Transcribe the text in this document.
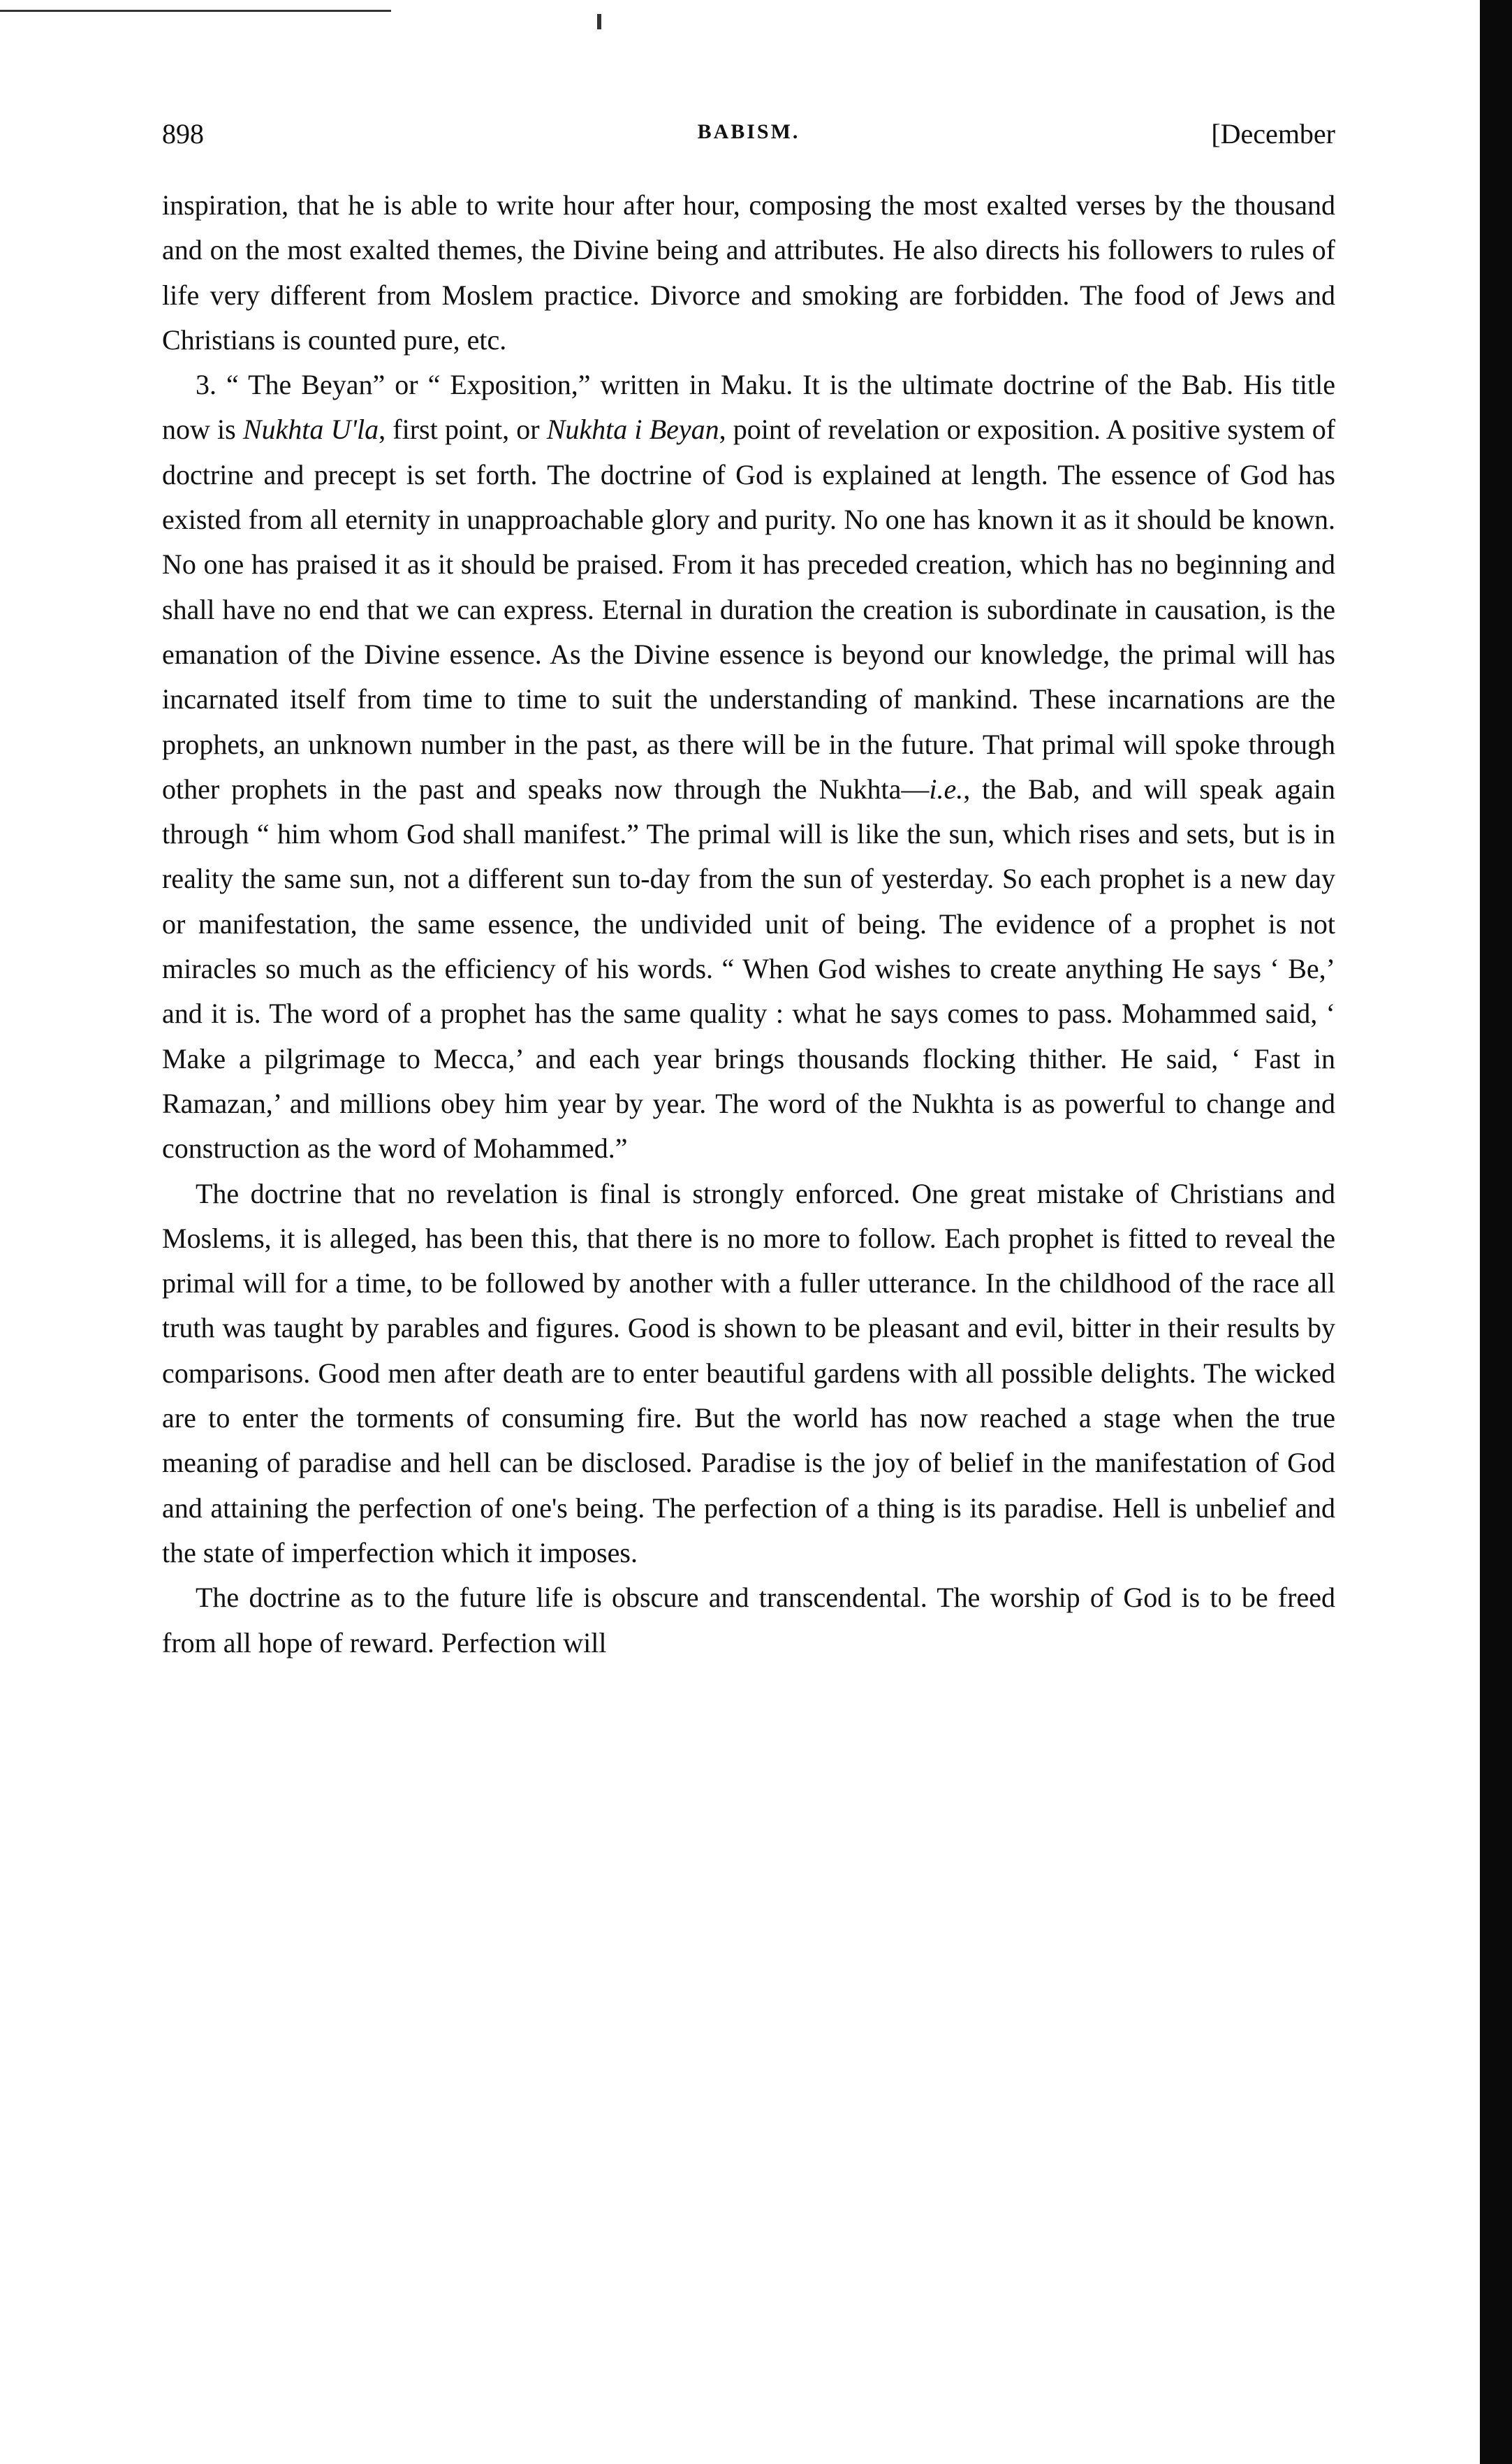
898	BABISM.	[December

inspiration, that he is able to write hour after hour, composing the most exalted verses by the thousand and on the most exalted themes, the Divine being and attributes. He also directs his followers to rules of life very different from Moslem practice. Divorce and smoking are forbidden. The food of Jews and Christians is counted pure, etc.

3. “ The Beyan” or “ Exposition,” written in Maku. It is the ultimate doctrine of the Bab. His title now is Nukhta U'la, first point, or Nukhta i Beyan, point of revelation or exposition. A positive system of doctrine and precept is set forth. The doctrine of God is explained at length. The essence of God has existed from all eternity in unapproachable glory and purity. No one has known it as it should be known. No one has praised it as it should be praised. From it has preceded creation, which has no beginning and shall have no end that we can express. Eternal in duration the creation is subordinate in causation, is the emanation of the Divine essence. As the Divine essence is beyond our knowledge, the primal will has incarnated itself from time to time to suit the understanding of mankind. These incarnations are the prophets, an unknown number in the past, as there will be in the future. That primal will spoke through other prophets in the past and speaks now through the Nukhta—i.e., the Bab, and will speak again through “ him whom God shall manifest.” The primal will is like the sun, which rises and sets, but is in reality the same sun, not a different sun to-day from the sun of yesterday. So each prophet is a new day or manifestation, the same essence, the undivided unit of being. The evidence of a prophet is not miracles so much as the efficiency of his words. “ When God wishes to create anything He says ‘ Be,’ and it is. The word of a prophet has the same quality : what he says comes to pass. Mohammed said, ‘ Make a pilgrimage to Mecca,’ and each year brings thousands flocking thither. He said, ‘ Fast in Ramazan,’ and millions obey him year by year. The word of the Nukhta is as powerful to change and construction as the word of Mohammed.”

The doctrine that no revelation is final is strongly enforced. One great mistake of Christians and Moslems, it is alleged, has been this, that there is no more to follow. Each prophet is fitted to reveal the primal will for a time, to be followed by another with a fuller utterance. In the childhood of the race all truth was taught by parables and figures. Good is shown to be pleasant and evil, bitter in their results by comparisons. Good men after death are to enter beautiful gardens with all possible delights. The wicked are to enter the torments of consuming fire. But the world has now reached a stage when the true meaning of paradise and hell can be disclosed. Paradise is the joy of belief in the manifestation of God and attaining the perfection of one's being. The perfection of a thing is its paradise. Hell is unbelief and the state of imperfection which it imposes.

The doctrine as to the future life is obscure and transcendental. The worship of God is to be freed from all hope of reward. Perfection will
